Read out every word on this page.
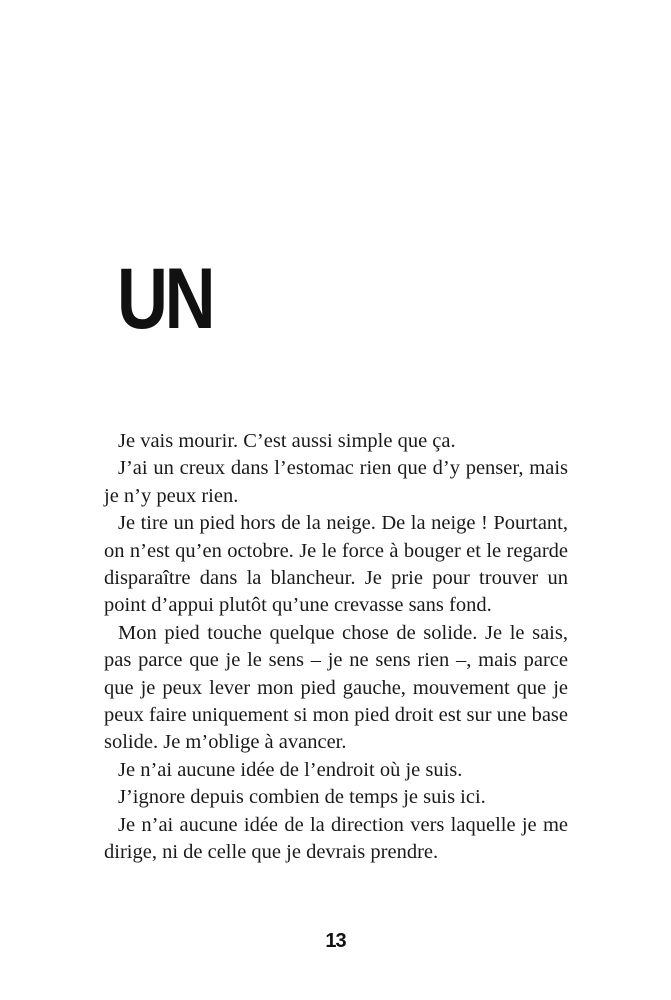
UN

Je vais mourir. C’est aussi simple que ça.

J’ai un creux dans l’estomac rien que d’y penser, mais je n’y peux rien.

Je tire un pied hors de la neige. De la neige ! Pourtant, on n’est qu’en octobre. Je le force à bouger et le regarde disparaître dans la blancheur. Je prie pour trouver un point d’appui plutôt qu’une crevasse sans fond.

Mon pied touche quelque chose de solide. Je le sais, pas parce que je le sens – je ne sens rien –, mais parce que je peux lever mon pied gauche, mouvement que je peux faire uniquement si mon pied droit est sur une base solide. Je m’oblige à avancer.

Je n’ai aucune idée de l’endroit où je suis.

J’ignore depuis combien de temps je suis ici.

Je n’ai aucune idée de la direction vers laquelle je me dirige, ni de celle que je devrais prendre.

13
